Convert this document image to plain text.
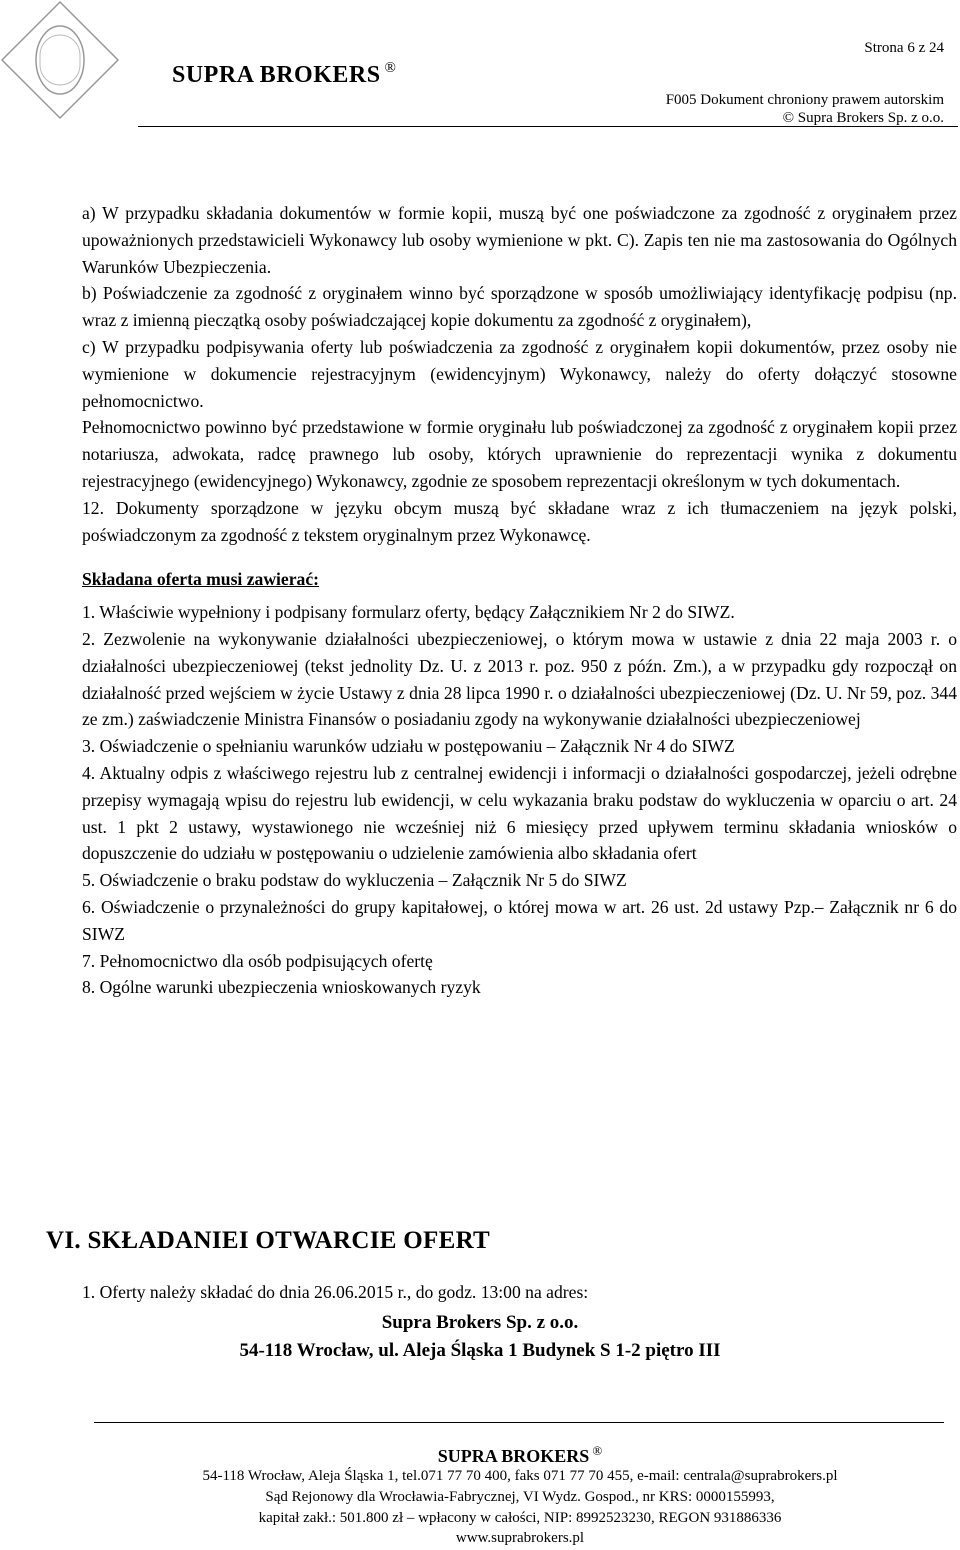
SUPRA BROKERS ®
Strona 6 z 24
F005 Dokument chroniony prawem autorskim
© Supra Brokers Sp. z o.o.

a) W przypadku składania dokumentów w formie kopii, muszą być one poświadczone za zgodność z oryginałem przez upoważnionych przedstawicieli Wykonawcy lub osoby wymienione w pkt. C). Zapis ten nie ma zastosowania do Ogólnych Warunków Ubezpieczenia.

b) Poświadczenie za zgodność z oryginałem winno być sporządzone w sposób umożliwiający identyfikację podpisu (np. wraz z imienną pieczątką osoby poświadczającej kopie dokumentu za zgodność z oryginałem),

c) W przypadku podpisywania oferty lub poświadczenia za zgodność z oryginałem kopii dokumentów, przez osoby nie wymienione w dokumencie rejestracyjnym (ewidencyjnym) Wykonawcy, należy do oferty dołączyć stosowne pełnomocnictwo.

Pełnomocnictwo powinno być przedstawione w formie oryginału lub poświadczonej za zgodność z oryginałem kopii przez notariusza, adwokata, radcę prawnego lub osoby, których uprawnienie do reprezentacji wynika z dokumentu rejestracyjnego (ewidencyjnego) Wykonawcy, zgodnie ze sposobem reprezentacji określonym w tych dokumentach.

12. Dokumenty sporządzone w języku obcym muszą być składane wraz z ich tłumaczeniem na język polski, poświadczonym za zgodność z tekstem oryginalnym przez Wykonawcę.

Składana oferta musi zawierać:

1. Właściwie wypełniony i podpisany formularz oferty, będący Załącznikiem Nr 2 do SIWZ.

2. Zezwolenie na wykonywanie działalności ubezpieczeniowej, o którym mowa w ustawie z dnia 22 maja 2003 r. o działalności ubezpieczeniowej (tekst jednolity Dz. U. z 2013 r. poz. 950 z późn. Zm.), a w przypadku gdy rozpoczął on działalność przed wejściem w życie Ustawy z dnia 28 lipca 1990 r. o działalności ubezpieczeniowej (Dz. U. Nr 59, poz. 344 ze zm.) zaświadczenie Ministra Finansów o posiadaniu zgody na wykonywanie działalności ubezpieczeniowej

3. Oświadczenie o spełnianiu warunków udziału w postępowaniu – Załącznik Nr 4 do SIWZ

4. Aktualny odpis z właściwego rejestru lub z centralnej ewidencji i informacji o działalności gospodarczej, jeżeli odrębne przepisy wymagają wpisu do rejestru lub ewidencji, w celu wykazania braku podstaw do wykluczenia w oparciu o art. 24 ust. 1 pkt 2 ustawy, wystawionego nie wcześniej niż 6 miesięcy przed upływem terminu składania wniosków o dopuszczenie do udziału w postępowaniu o udzielenie zamówienia albo składania ofert

5. Oświadczenie o braku podstaw do wykluczenia – Załącznik Nr 5 do SIWZ

6. Oświadczenie o przynależności do grupy kapitałowej, o której mowa w art. 26 ust. 2d ustawy Pzp.– Załącznik nr 6 do SIWZ

7. Pełnomocnictwo dla osób podpisujących ofertę

8. Ogólne warunki ubezpieczenia wnioskowanych ryzyk

VI. SKŁADANIEI OTWARCIE OFERT
1. Oferty należy składać do dnia 26.06.2015 r., do godz. 13:00 na adres:
Supra Brokers Sp. z o.o.
54-118 Wrocław, ul. Aleja Śląska 1 Budynek S 1-2 piętro III
SUPRA BROKERS ®
54-118 Wrocław, Aleja Śląska 1, tel.071 77 70 400, faks 071 77 70 455, e-mail: centrala@suprabrokers.pl
Sąd Rejonowy dla Wrocławia-Fabrycznej, VI Wydz. Gospod., nr KRS: 0000155993,
kapitał zakł.: 501.800 zł – wpłacony w całości, NIP: 8992523230, REGON 931886336
www.suprabrokers.pl
